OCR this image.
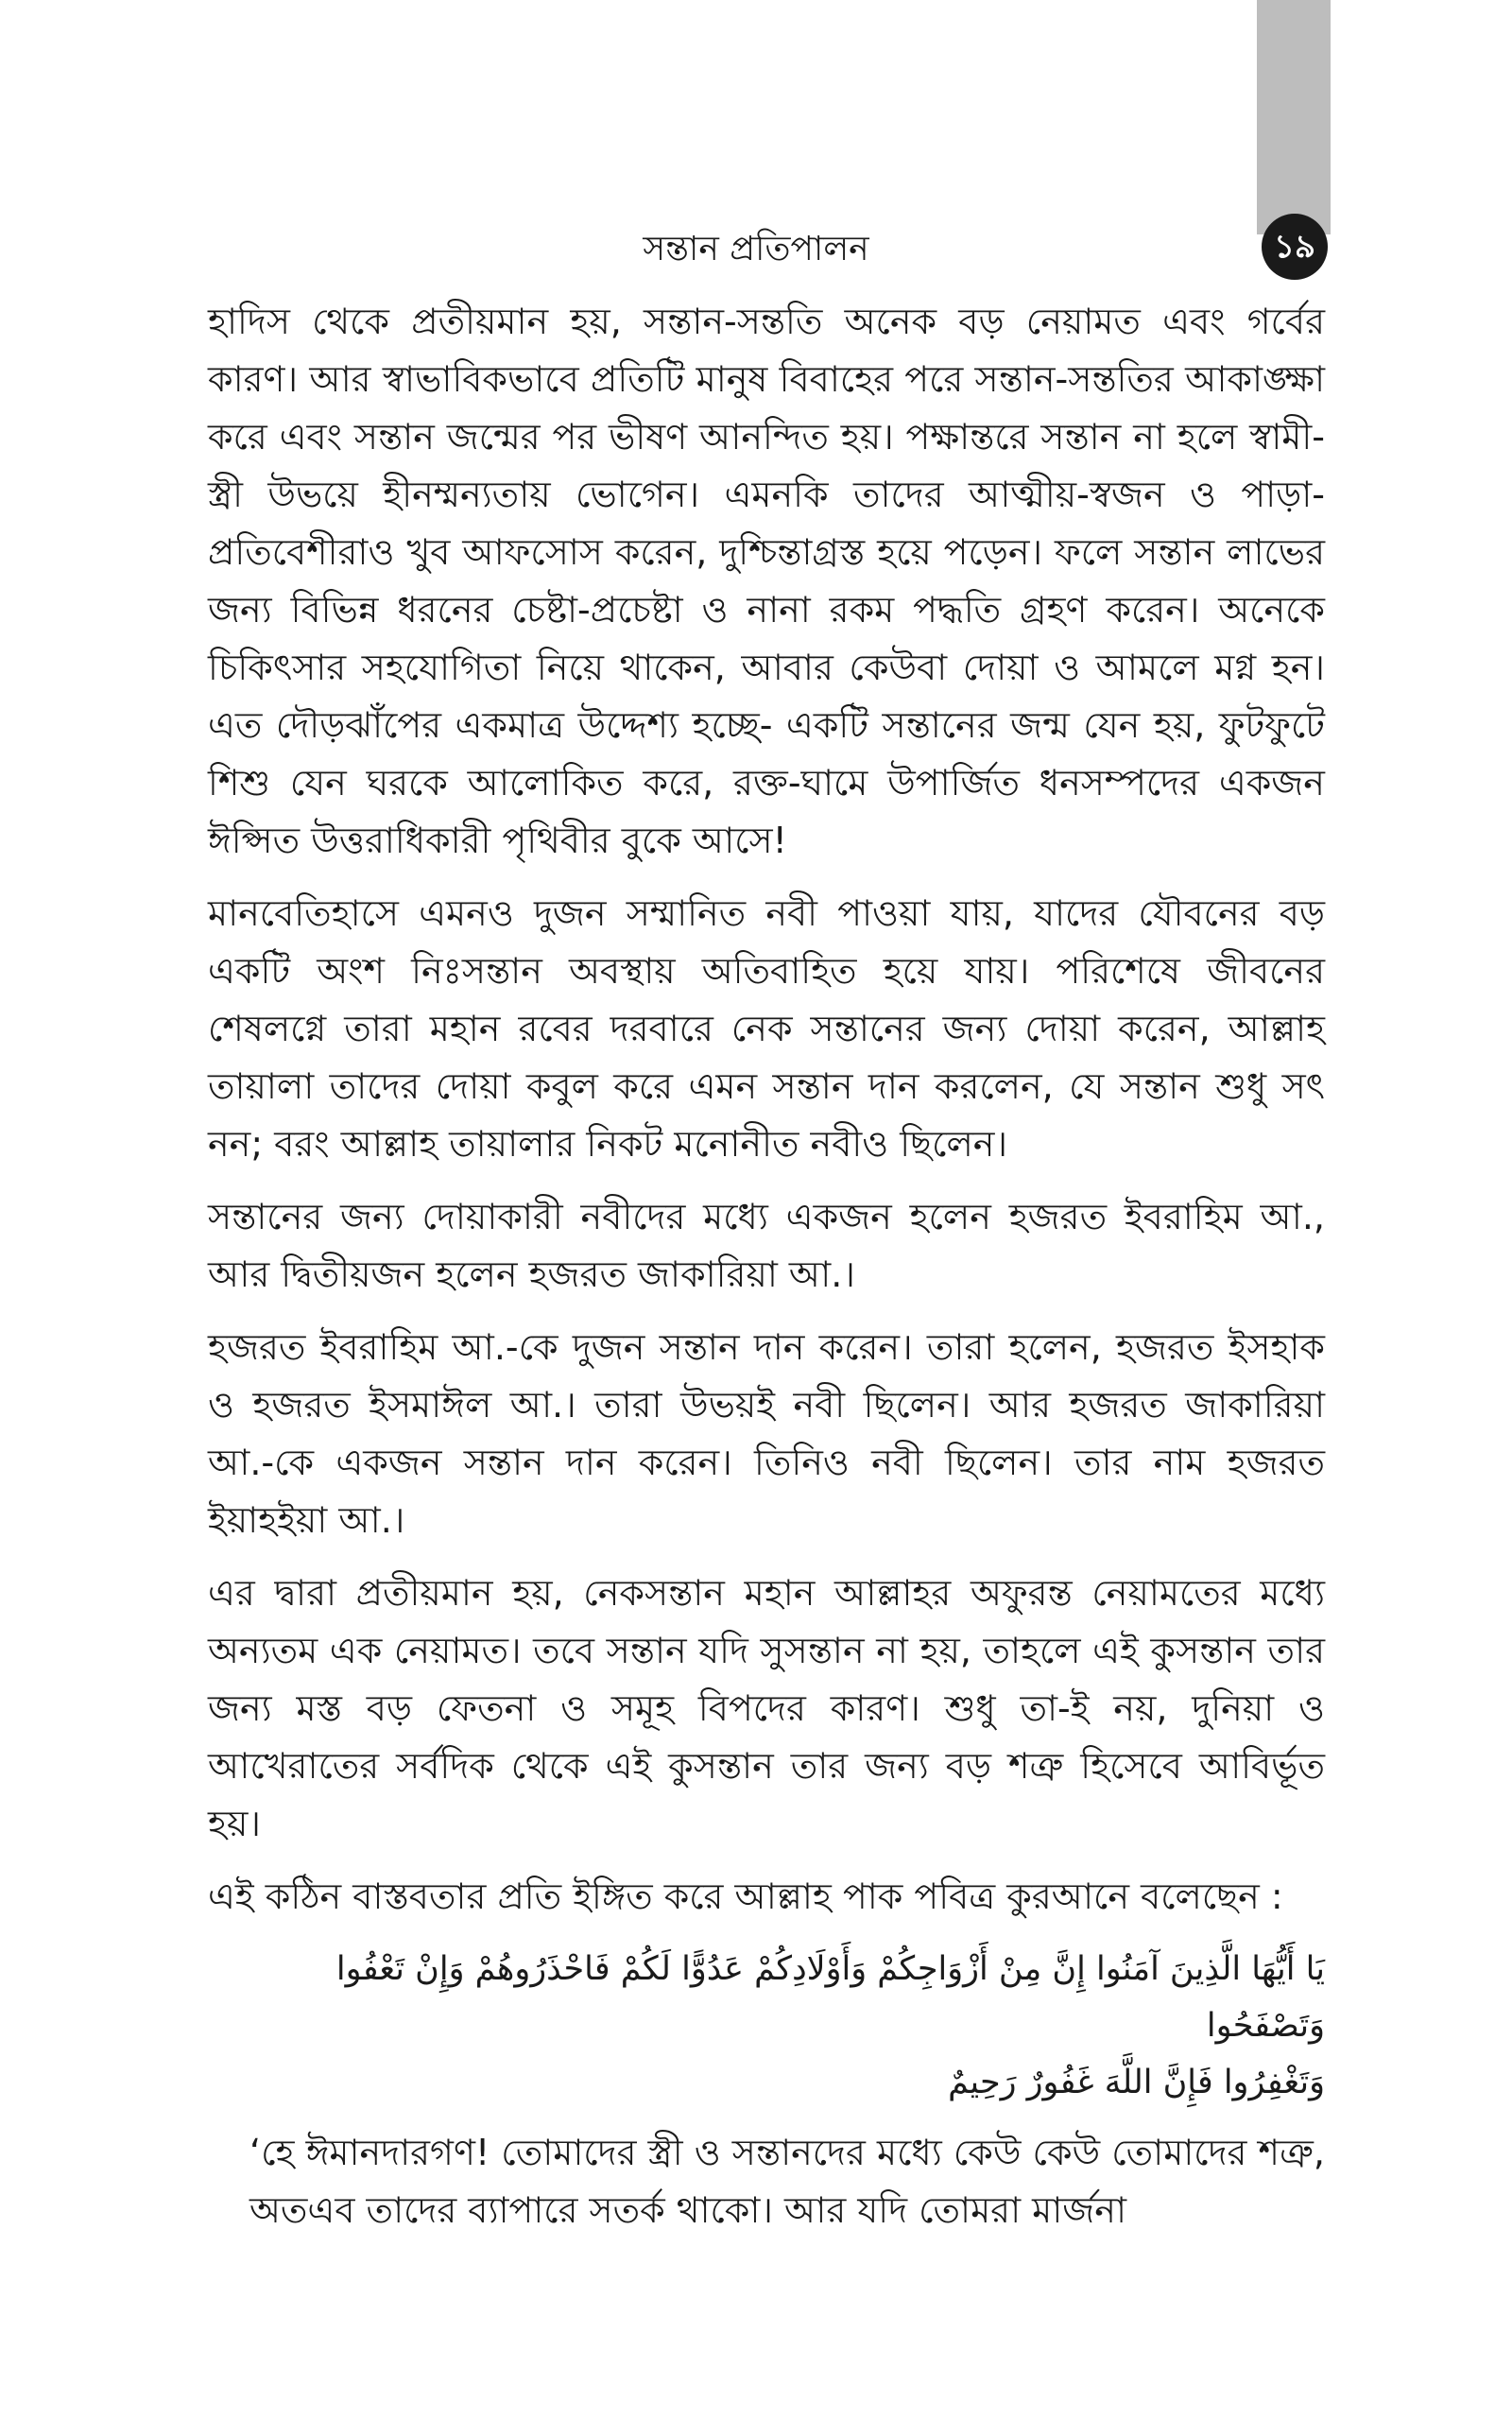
১৯
সন্তান প্রতিপালন

হাদিস থেকে প্রতীয়মান হয়, সন্তান-সন্ততি অনেক বড় নেয়ামত এবং গর্বের কারণ। আর স্বাভাবিকভাবে প্রতিটি মানুষ বিবাহের পরে সন্তান-সন্ততির আকাঙ্ক্ষা করে এবং সন্তান জন্মের পর ভীষণ আনন্দিত হয়। পক্ষান্তরে সন্তান না হলে স্বামী-স্ত্রী উভয়ে হীনম্মন্যতায় ভোগেন। এমনকি তাদের আত্মীয়-স্বজন ও পাড়া-প্রতিবেশীরাও খুব আফসোস করেন, দুশ্চিন্তাগ্রস্ত হয়ে পড়েন। ফলে সন্তান লাভের জন্য বিভিন্ন ধরনের চেষ্টা-প্রচেষ্টা ও নানা রকম পদ্ধতি গ্রহণ করেন। অনেকে চিকিৎসার সহযোগিতা নিয়ে থাকেন, আবার কেউবা দোয়া ও আমলে মগ্ন হন। এত দৌড়ঝাঁপের একমাত্র উদ্দেশ্য হচ্ছে- একটি সন্তানের জন্ম যেন হয়, ফুটফুটে শিশু যেন ঘরকে আলোকিত করে, রক্ত-ঘামে উপার্জিত ধনসম্পদের একজন ঈপ্সিত উত্তরাধিকারী পৃথিবীর বুকে আসে!

মানবেতিহাসে এমনও দুজন সম্মানিত নবী পাওয়া যায়, যাদের যৌবনের বড় একটি অংশ নিঃসন্তান অবস্থায় অতিবাহিত হয়ে যায়। পরিশেষে জীবনের শেষলগ্নে তারা মহান রবের দরবারে নেক সন্তানের জন্য দোয়া করেন, আল্লাহ তায়ালা তাদের দোয়া কবুল করে এমন সন্তান দান করলেন, যে সন্তান শুধু সৎ নন; বরং আল্লাহ তায়ালার নিকট মনোনীত নবীও ছিলেন।

সন্তানের জন্য দোয়াকারী নবীদের মধ্যে একজন হলেন হজরত ইবরাহিম আ., আর দ্বিতীয়জন হলেন হজরত জাকারিয়া আ.।

হজরত ইবরাহিম আ.-কে দুজন সন্তান দান করেন। তারা হলেন, হজরত ইসহাক ও হজরত ইসমাঈল আ.। তারা উভয়ই নবী ছিলেন। আর হজরত জাকারিয়া আ.-কে একজন সন্তান দান করেন। তিনিও নবী ছিলেন। তার নাম হজরত ইয়াহইয়া আ.।

এর দ্বারা প্রতীয়মান হয়, নেকসন্তান মহান আল্লাহর অফুরন্ত নেয়ামতের মধ্যে অন্যতম এক নেয়ামত। তবে সন্তান যদি সুসন্তান না হয়, তাহলে এই কুসন্তান তার জন্য মস্ত বড় ফেতনা ও সমূহ বিপদের কারণ। শুধু তা-ই নয়, দুনিয়া ও আখেরাতের সর্বদিক থেকে এই কুসন্তান তার জন্য বড় শত্রু হিসেবে আবির্ভূত হয়।

এই কঠিন বাস্তবতার প্রতি ইঙ্গিত করে আল্লাহ পাক পবিত্র কুরআনে বলেছেন :

يَا أَيُّهَا الَّذِينَ آمَنُوا إِنَّ مِنْ أَزْوَاجِكُمْ وَأَوْلَادِكُمْ عَدُوًّا لَكُمْ فَاحْذَرُوهُمْ وَإِنْ تَعْفُوا وَتَصْفَحُوا
وَتَغْفِرُوا فَإِنَّ اللَّهَ غَفُورٌ رَحِيمٌ

‘হে ঈমানদারগণ! তোমাদের স্ত্রী ও সন্তানদের মধ্যে কেউ কেউ তোমাদের শত্রু, অতএব তাদের ব্যাপারে সতর্ক থাকো। আর যদি তোমরা মার্জনা
